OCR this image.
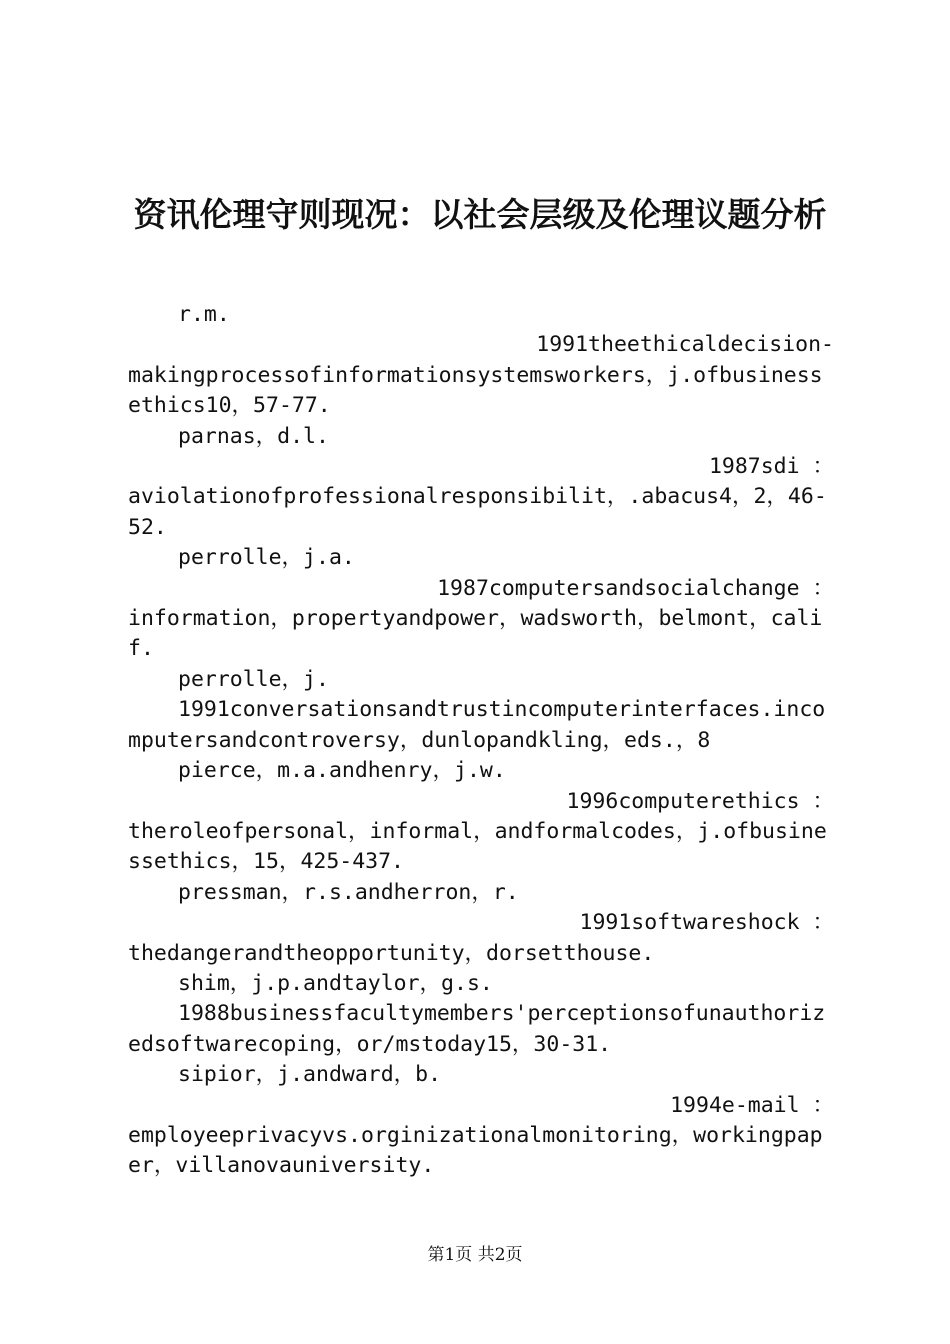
资讯伦理守则现况：以社会层级及伦理议题分析
r.m.
1991theethicaldecision-
makingprocessofinformationsystemsworkers，j.ofbusinessethics10，57-77.
parnas，d.l.
1987sdi ：
aviolationofprofessionalresponsibilit，.abacus4，2，46-52.
perrolle，j.a.
1987computersandsocialchange ：
information，propertyandpower，wadsworth，belmont，calif.
perrolle，j.
1991conversationsandtrustincomputerinterfaces.incomputersandcontroversy，dunlopandkling，eds.，8
pierce，m.a.andhenry，j.w.
1996computerethics ：
theroleofpersonal，informal，andformalcodes，j.ofbusinessethics，15，425-437.
pressman，r.s.andherron，r.
1991softwareshock ：
thedangerandtheopportunity，dorsetthouse.
shim，j.p.andtaylor，g.s.
1988businessfacultymembers'perceptionsofunauthorizedsoftwarecoping，or/mstoday15，30-31.
sipior，j.andward，b.
1994e-mail ：
employeeprivacyvs.orginizationalmonitoring，workingpaper，villanovauniversity.
第1页 共2页
